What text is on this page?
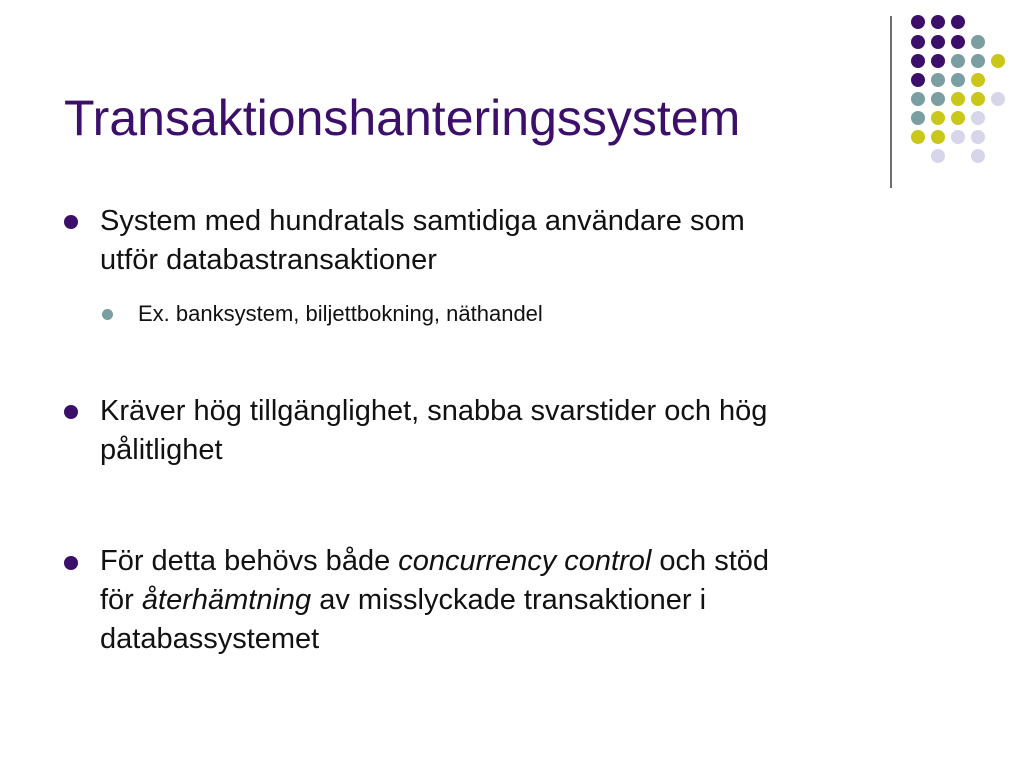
Transaktionshanteringssystem
System med hundratals samtidiga användare som
utför databastransaktioner
Ex. banksystem, biljettbokning, näthandel
Kräver hög tillgänglighet, snabba svarstider och hög
pålitlighet
För detta behövs både concurrency control och stöd
för återhämtning av misslyckade transaktioner i
databassystemet
